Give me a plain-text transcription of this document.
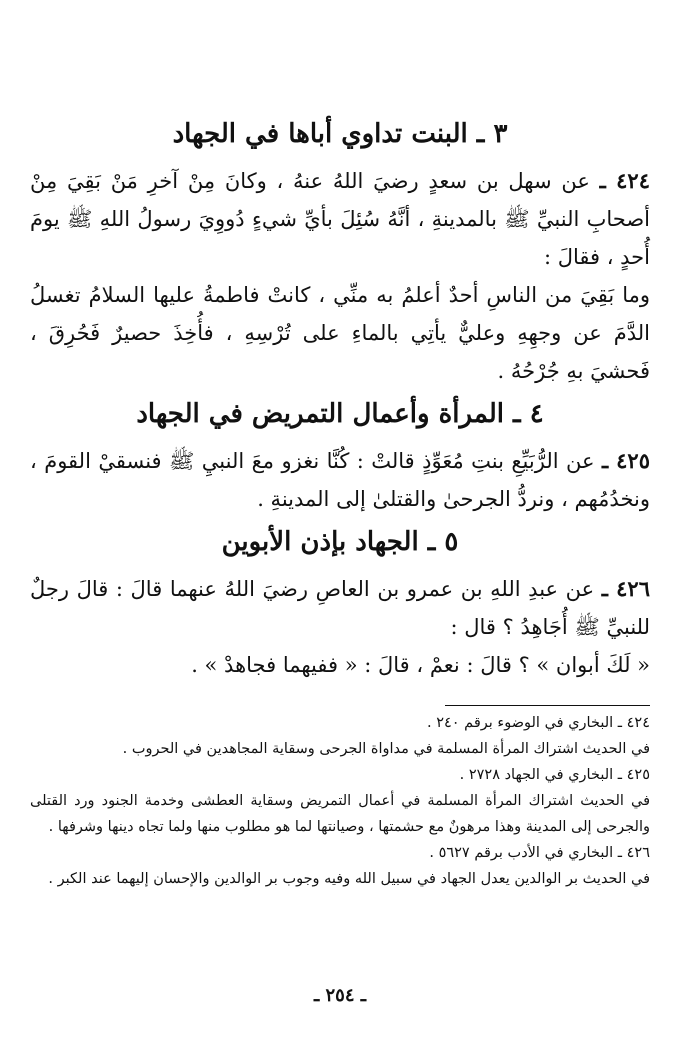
٣ ـ البنت تداوي أباها في الجهاد

٤٢٤ ـ عن سهل بن سعدٍ رضيَ اللهُ عنهُ ، وكانَ مِنْ آخرِ مَنْ بَقِيَ مِنْ أصحابِ النبيِّ ﷺ بالمدينةِ ، أنَّهُ سُئِلَ بأيِّ شيءٍ دُووِيَ رسولُ اللهِ ﷺ يومَ أُحدٍ ، فقالَ :

وما بَقِيَ من الناسِ أحدٌ أعلمُ به منِّي ، كانتْ فاطمةُ عليها السلامُ تغسلُ الدَّمَ عن وجهِهِ وعليٌّ يأتِي بالماءِ على تُرْسِهِ ، فأُخِذَ حصيرٌ فَحُرِقَ ، فَحشيَ بهِ جُرْحُهُ .

٤ ـ المرأة وأعمال التمريض في الجهاد

٤٢٥ ـ عن الرُّبَيِّعِ بنتِ مُعَوِّذٍ قالتْ : كُنَّا نغزو معَ النبيِ ﷺ فنسقيْ القومَ ، ونخدُمُهم ، ونردُّ الجرحىٰ والقتلىٰ إلى المدينةِ .

٥ ـ الجهاد بإذن الأبوين

٤٢٦ ـ عن عبدِ اللهِ بن عمرو بن العاصِ رضيَ اللهُ عنهما قالَ : قالَ رجلٌ للنبيِّ ﷺ أُجَاهِدُ ؟ قال :

« لَكَ أبوان » ؟ قالَ : نعمْ ، قالَ : « ففيهما فجاهدْ » .

٤٢٤ ـ البخاري في الوضوء برقم ٢٤٠ .

في الحديث اشتراك المرأة المسلمة في مداواة الجرحى وسقاية المجاهدين في الحروب .

٤٢٥ ـ البخاري في الجهاد ٢٧٢٨ .

في الحديث اشتراك المرأة المسلمة في أعمال التمريض وسقاية العطشى وخدمة الجنود ورد القتلى والجرحى إلى المدينة وهذا مرهونٌ مع حشمتها ، وصيانتها لما هو مطلوب منها ولما تجاه دينها وشرفها .

٤٢٦ ـ البخاري في الأدب برقم ٥٦٢٧ .

في الحديث بر الوالدين يعدل الجهاد في سبيل الله وفيه وجوب بر الوالدين والإحسان إليهما عند الكبر .

ـ ٢٥٤ ـ
